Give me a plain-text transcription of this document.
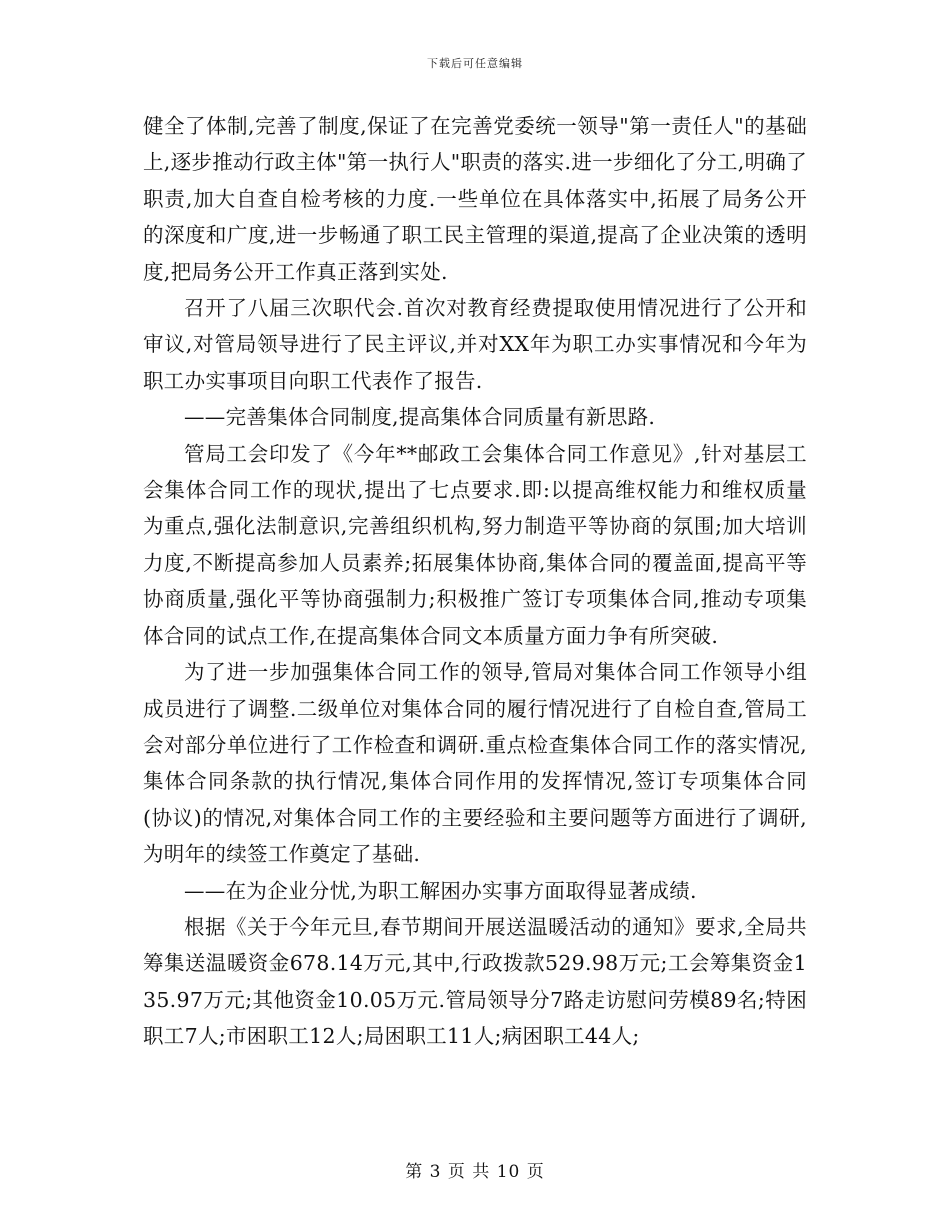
下载后可任意编辑

健全了体制,完善了制度,保证了在完善党委统一领导"第一责任人"的基础上,逐步推动行政主体"第一执行人"职责的落实.进一步细化了分工,明确了职责,加大自查自检考核的力度.一些单位在具体落实中,拓展了局务公开的深度和广度,进一步畅通了职工民主管理的渠道,提高了企业决策的透明度,把局务公开工作真正落到实处.

召开了八届三次职代会.首次对教育经费提取使用情况进行了公开和审议,对管局领导进行了民主评议,并对XX年为职工办实事情况和今年为职工办实事项目向职工代表作了报告.

——完善集体合同制度,提高集体合同质量有新思路.

管局工会印发了《今年**邮政工会集体合同工作意见》,针对基层工会集体合同工作的现状,提出了七点要求.即:以提高维权能力和维权质量为重点,强化法制意识,完善组织机构,努力制造平等协商的氛围;加大培训力度,不断提高参加人员素养;拓展集体协商,集体合同的覆盖面,提高平等协商质量,强化平等协商强制力;积极推广签订专项集体合同,推动专项集体合同的试点工作,在提高集体合同文本质量方面力争有所突破.

为了进一步加强集体合同工作的领导,管局对集体合同工作领导小组成员进行了调整.二级单位对集体合同的履行情况进行了自检自查,管局工会对部分单位进行了工作检查和调研.重点检查集体合同工作的落实情况,集体合同条款的执行情况,集体合同作用的发挥情况,签订专项集体合同(协议)的情况,对集体合同工作的主要经验和主要问题等方面进行了调研,为明年的续签工作奠定了基础.

——在为企业分忧,为职工解困办实事方面取得显著成绩.

根据《关于今年元旦,春节期间开展送温暖活动的通知》要求,全局共筹集送温暖资金678.14万元,其中,行政拨款529.98万元;工会筹集资金135.97万元;其他资金10.05万元.管局领导分7路走访慰问劳模89名;特困职工7人;市困职工12人;局困职工11人;病困职工44人;

第 3 页 共 10 页
